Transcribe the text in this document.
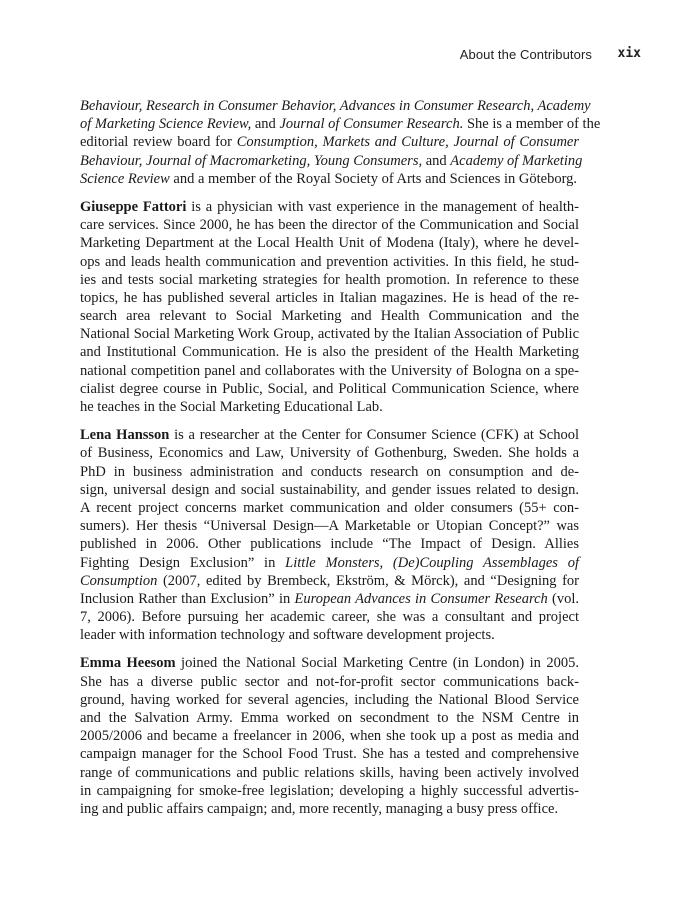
About the Contributors xix
Behaviour, Research in Consumer Behavior, Advances in Consumer Research, Academy
of Marketing Science Review, and Journal of Consumer Research. She is a member of the
editorial review board for Consumption, Markets and Culture, Journal of Consumer
Behaviour, Journal of Macromarketing, Young Consumers, and Academy of Marketing
Science Review and a member of the Royal Society of Arts and Sciences in Göteborg.
Giuseppe Fattori is a physician with vast experience in the management of health-
care services. Since 2000, he has been the director of the Communication and Social
Marketing Department at the Local Health Unit of Modena (Italy), where he devel-
ops and leads health communication and prevention activities. In this field, he stud-
ies and tests social marketing strategies for health promotion. In reference to these
topics, he has published several articles in Italian magazines. He is head of the re-
search area relevant to Social Marketing and Health Communication and the
National Social Marketing Work Group, activated by the Italian Association of Public
and Institutional Communication. He is also the president of the Health Marketing
national competition panel and collaborates with the University of Bologna on a spe-
cialist degree course in Public, Social, and Political Communication Science, where
he teaches in the Social Marketing Educational Lab.
Lena Hansson is a researcher at the Center for Consumer Science (CFK) at School
of Business, Economics and Law, University of Gothenburg, Sweden. She holds a
PhD in business administration and conducts research on consumption and de-
sign, universal design and social sustainability, and gender issues related to design.
A recent project concerns market communication and older consumers (55+ con-
sumers). Her thesis “Universal Design—A Marketable or Utopian Concept?” was
published in 2006. Other publications include “The Impact of Design. Allies
Fighting Design Exclusion” in Little Monsters, (De)Coupling Assemblages of
Consumption (2007, edited by Brembeck, Ekström, & Mörck), and “Designing for
Inclusion Rather than Exclusion” in European Advances in Consumer Research (vol.
7, 2006). Before pursuing her academic career, she was a consultant and project
leader with information technology and software development projects.
Emma Heesom joined the National Social Marketing Centre (in London) in 2005.
She has a diverse public sector and not-for-profit sector communications back-
ground, having worked for several agencies, including the National Blood Service
and the Salvation Army. Emma worked on secondment to the NSM Centre in
2005/2006 and became a freelancer in 2006, when she took up a post as media and
campaign manager for the School Food Trust. She has a tested and comprehensive
range of communications and public relations skills, having been actively involved
in campaigning for smoke-free legislation; developing a highly successful advertis-
ing and public affairs campaign; and, more recently, managing a busy press office.
